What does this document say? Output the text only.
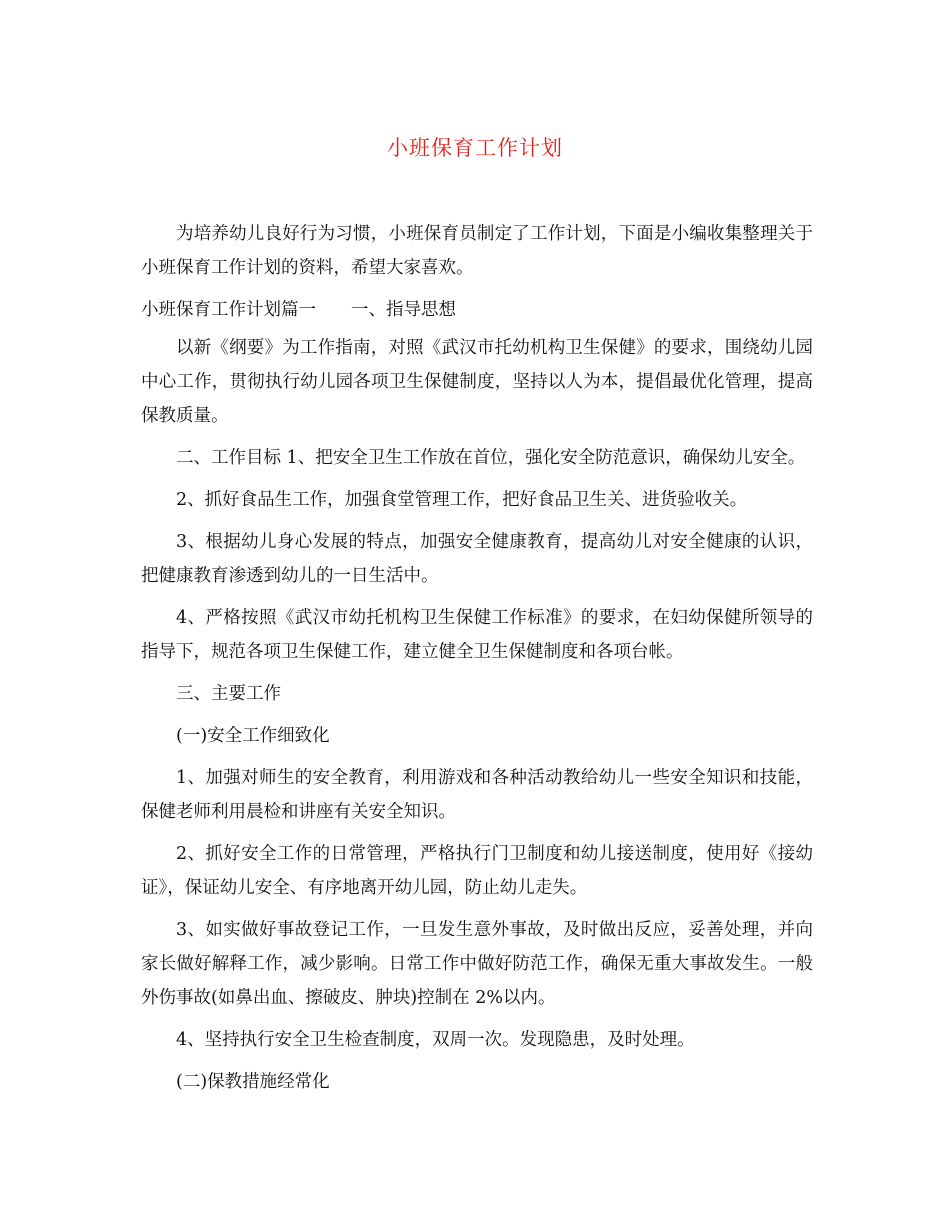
小班保育工作计划

为培养幼儿良好行为习惯，小班保育员制定了工作计划，下面是小编收集整理关于小班保育工作计划的资料，希望大家喜欢。

小班保育工作计划篇一　　一、指导思想

以新《纲要》为工作指南，对照《武汉市托幼机构卫生保健》的要求，围绕幼儿园中心工作，贯彻执行幼儿园各项卫生保健制度，坚持以人为本，提倡最优化管理，提高保教质量。

二、工作目标 1、把安全卫生工作放在首位，强化安全防范意识，确保幼儿安全。

2、抓好食品生工作，加强食堂管理工作，把好食品卫生关、进货验收关。

3、根据幼儿身心发展的特点，加强安全健康教育，提高幼儿对安全健康的认识，把健康教育渗透到幼儿的一日生活中。

4、严格按照《武汉市幼托机构卫生保健工作标准》的要求，在妇幼保健所领导的指导下，规范各项卫生保健工作，建立健全卫生保健制度和各项台帐。

三、主要工作

(一)安全工作细致化

1、加强对师生的安全教育，利用游戏和各种活动教给幼儿一些安全知识和技能，保健老师利用晨检和讲座有关安全知识。

2、抓好安全工作的日常管理，严格执行门卫制度和幼儿接送制度，使用好《接幼证》，保证幼儿安全、有序地离开幼儿园，防止幼儿走失。

3、如实做好事故登记工作，一旦发生意外事故，及时做出反应，妥善处理，并向家长做好解释工作，减少影响。日常工作中做好防范工作，确保无重大事故发生。一般外伤事故(如鼻出血、擦破皮、肿块)控制在 2%以内。

4、坚持执行安全卫生检查制度，双周一次。发现隐患，及时处理。

(二)保教措施经常化
